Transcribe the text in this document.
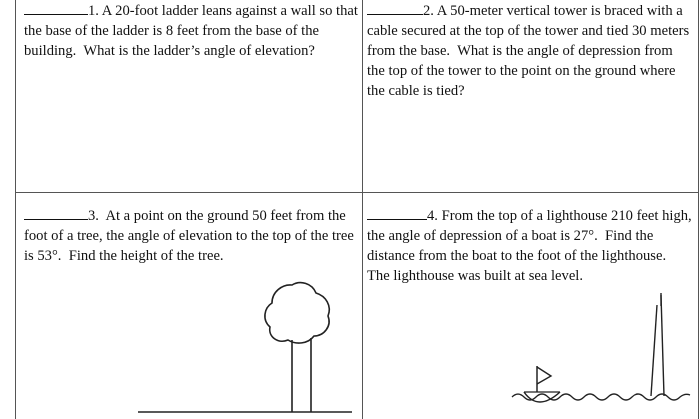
1. A 20-foot ladder leans against a wall so that the base of the ladder is 8 feet from the base of the building.  What is the ladder’s angle of elevation?
2. A 50-meter vertical tower is braced with a cable secured at the top of the tower and tied 30 meters from the base.  What is the angle of depression from the top of the tower to the point on the ground where the cable is tied?
3.  At a point on the ground 50 feet from the foot of a tree, the angle of elevation to the top of the tree is 53°.  Find the height of the tree.
4. From the top of a lighthouse 210 feet high, the angle of depression of a boat is 27°.  Find the distance from the boat to the foot of the lighthouse.  The lighthouse was built at sea level.
